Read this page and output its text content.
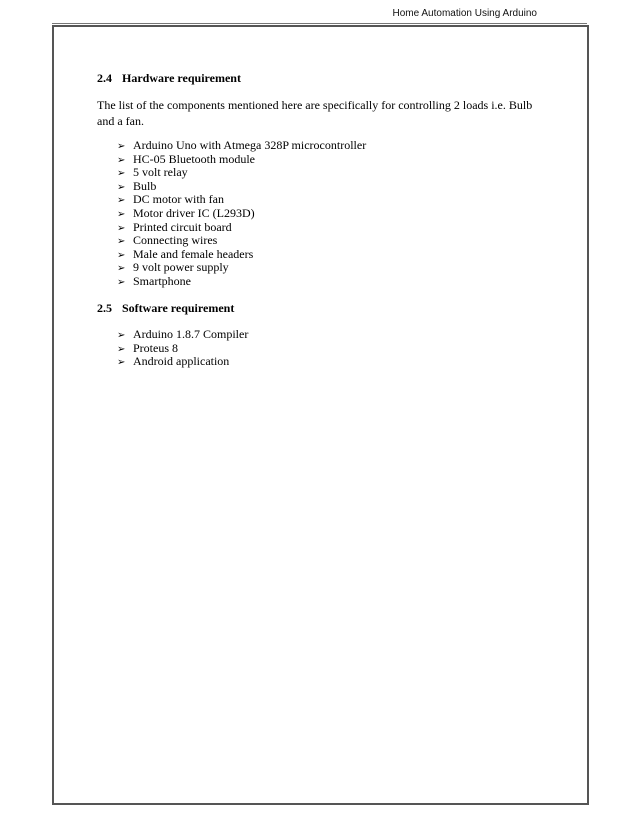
Home Automation Using Arduino
2.4 Hardware requirement

The list of the components mentioned here are specifically for controlling 2 loads i.e. Bulb and a fan.

➢ Arduino Uno with Atmega 328P microcontroller
➢ HC-05 Bluetooth module
➢ 5 volt relay
➢ Bulb
➢ DC motor with fan
➢ Motor driver IC (L293D)
➢ Printed circuit board
➢ Connecting wires
➢ Male and female headers
➢ 9 volt power supply
➢ Smartphone
2.5 Software requirement
➢ Arduino 1.8.7 Compiler
➢ Proteus 8
➢ Android application
